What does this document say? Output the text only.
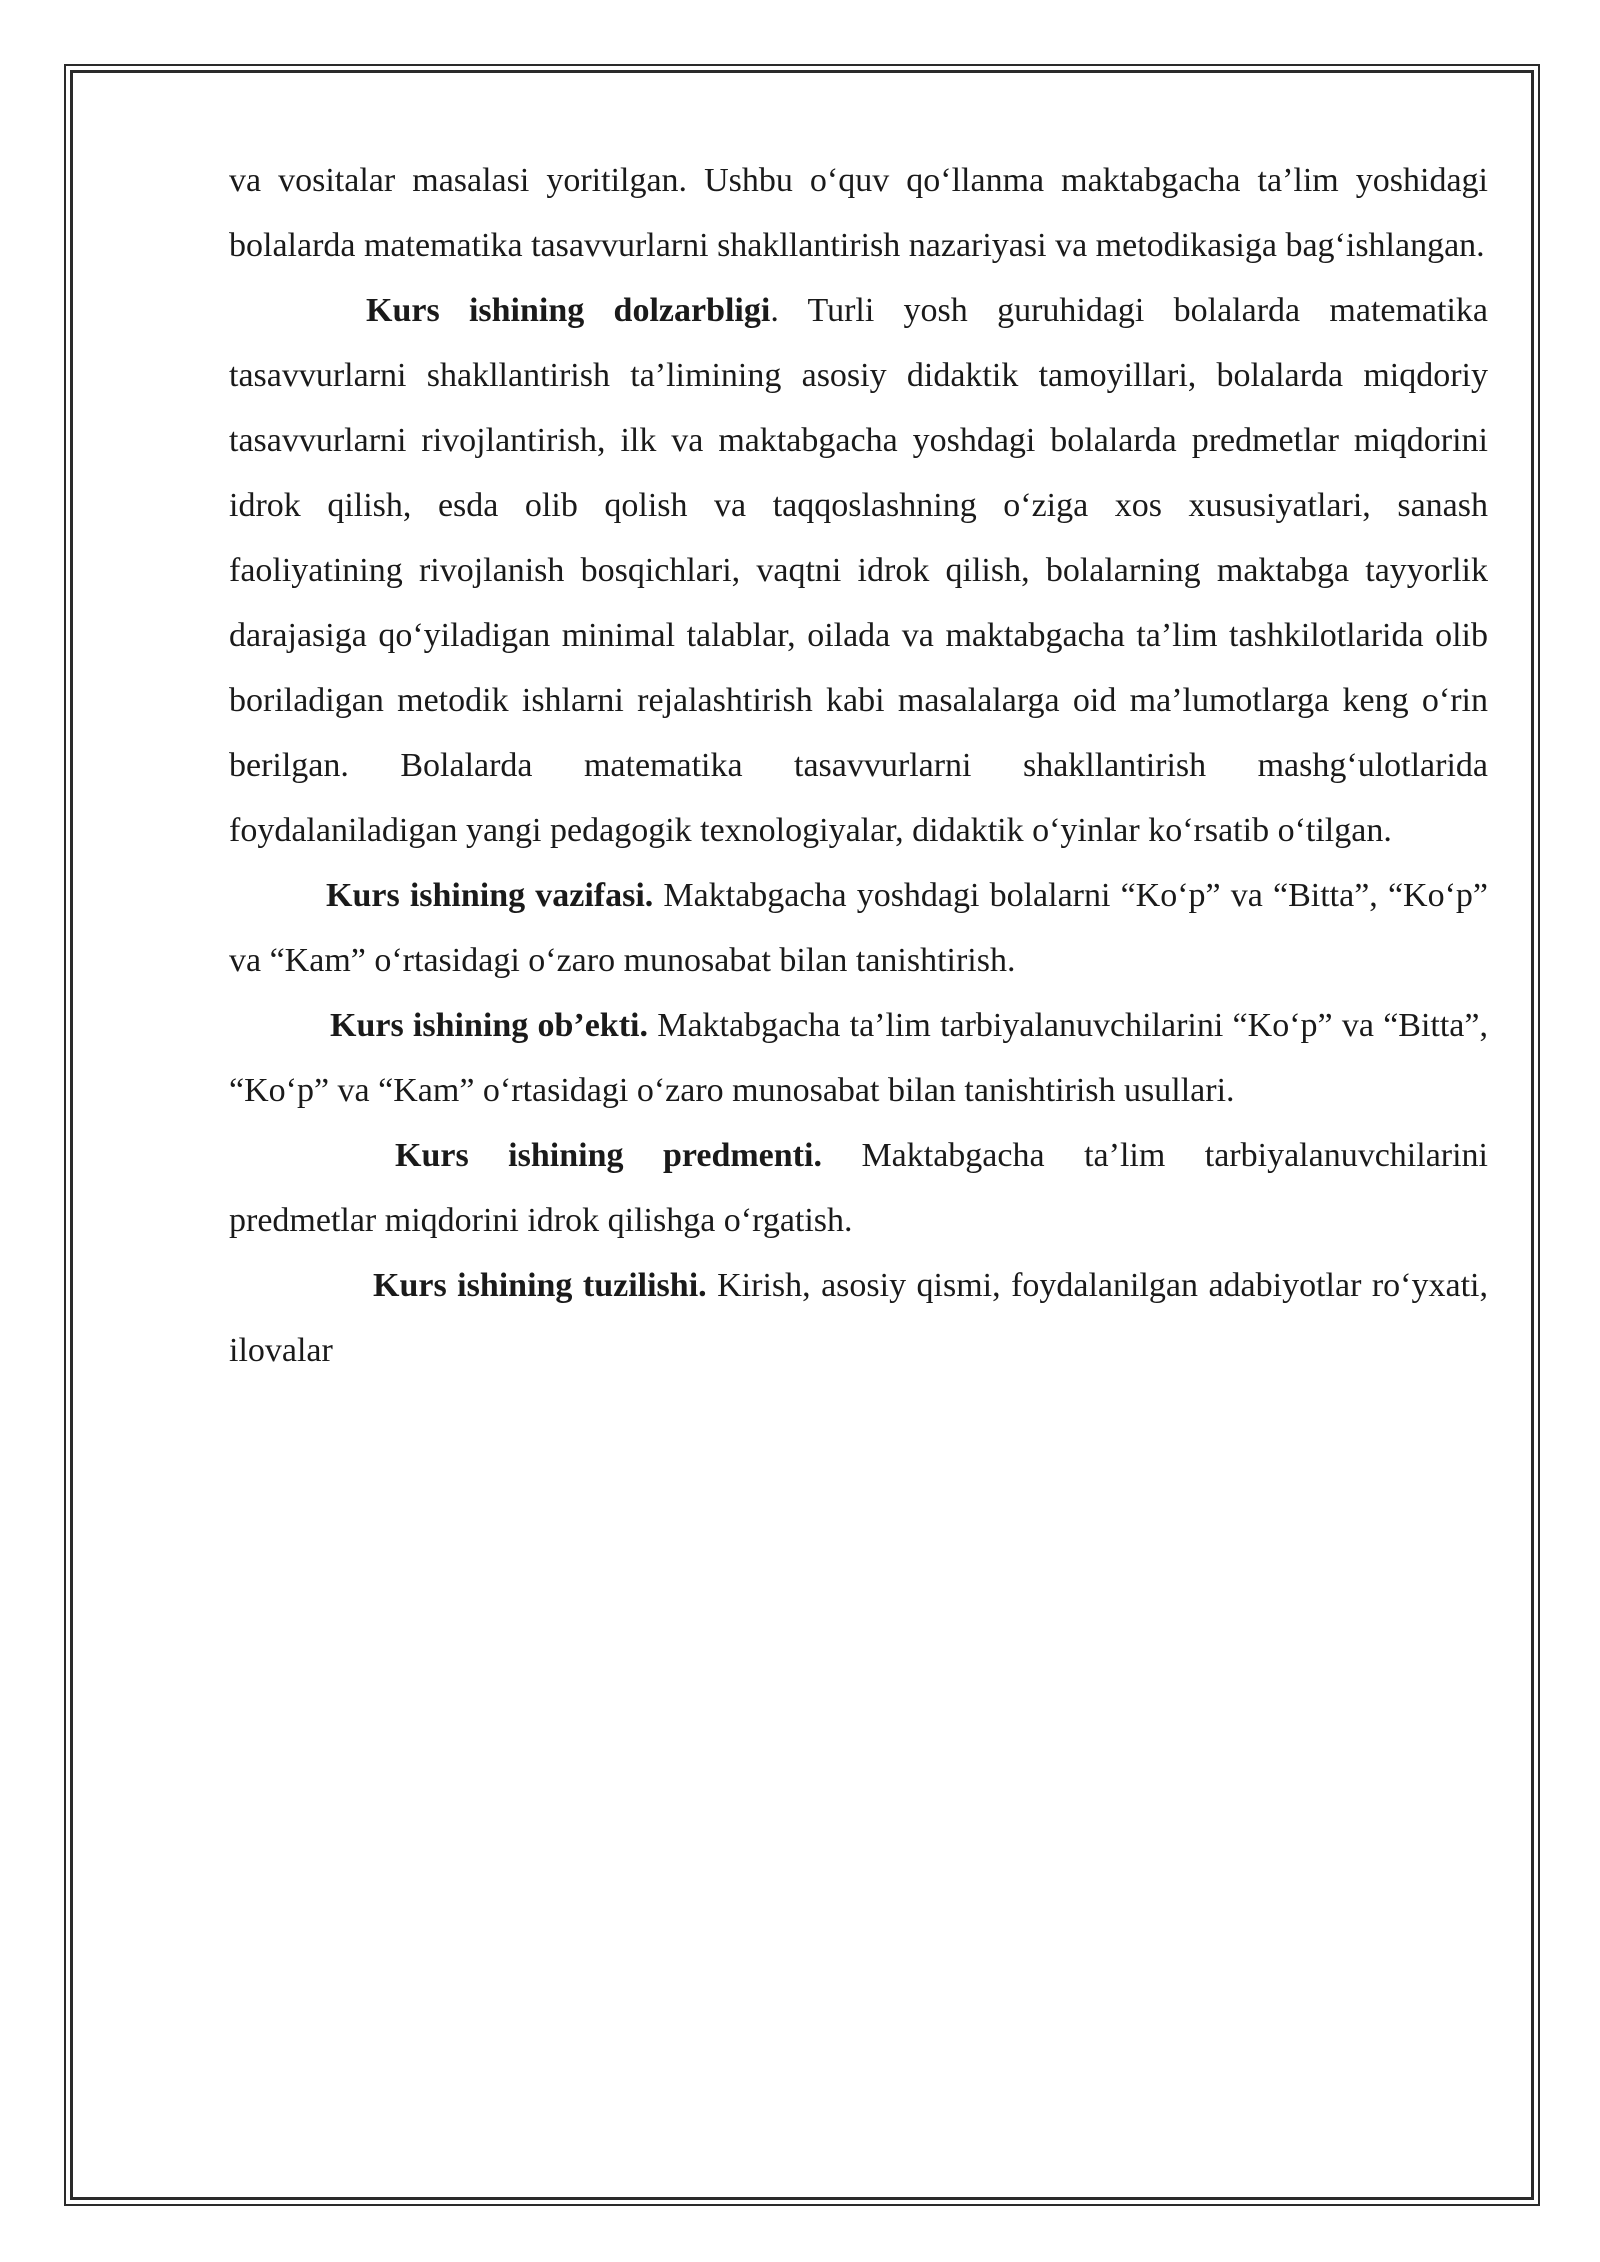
va vositalar masalasi yoritilgan. Ushbu o‘quv qo‘llanma maktabgacha ta’lim yoshidagi bolalarda matematika tasavvurlarni shakllantirish nazariyasi va metodikasiga bag‘ishlangan.

Kurs ishining dolzarbligi. Turli yosh guruhidagi bolalarda matematika tasavvurlarni shakllantirish ta’limining asosiy didaktik tamoyillari, bolalarda miqdoriy tasavvurlarni rivojlantirish, ilk va maktabgacha yoshdagi bolalarda predmetlar miqdorini idrok qilish, esda olib qolish va taqqoslashning o‘ziga xos xususiyatlari, sanash faoliyatining rivojlanish bosqichlari, vaqtni idrok qilish, bolalarning maktabga tayyorlik darajasiga qo‘yiladigan minimal talablar, oilada va maktabgacha ta’lim tashkilotlarida olib boriladigan metodik ishlarni rejalashtirish kabi masalalarga oid ma’lumotlarga keng o‘rin berilgan. Bolalarda matematika tasavvurlarni shakllantirish mashg‘ulotlarida foydalaniladigan yangi pedagogik texnologiyalar, didaktik o‘yinlar ko‘rsatib o‘tilgan.

Kurs ishining vazifasi. Maktabgacha yoshdagi bolalarni “Ko‘p” va “Bitta”, “Ko‘p” va “Kam” o‘rtasidagi o‘zaro munosabat bilan tanishtirish.

Kurs ishining ob’ekti. Maktabgacha ta’lim tarbiyalanuvchilarini “Ko‘p” va “Bitta”, “Ko‘p” va “Kam” o‘rtasidagi o‘zaro munosabat bilan tanishtirish usullari.

Kurs ishining predmenti. Maktabgacha ta’lim tarbiyalanuvchilarini predmetlar miqdorini idrok qilishga o‘rgatish.

Kurs ishining tuzilishi. Kirish, asosiy qismi, foydalanilgan adabiyotlar ro‘yxati, ilovalar
